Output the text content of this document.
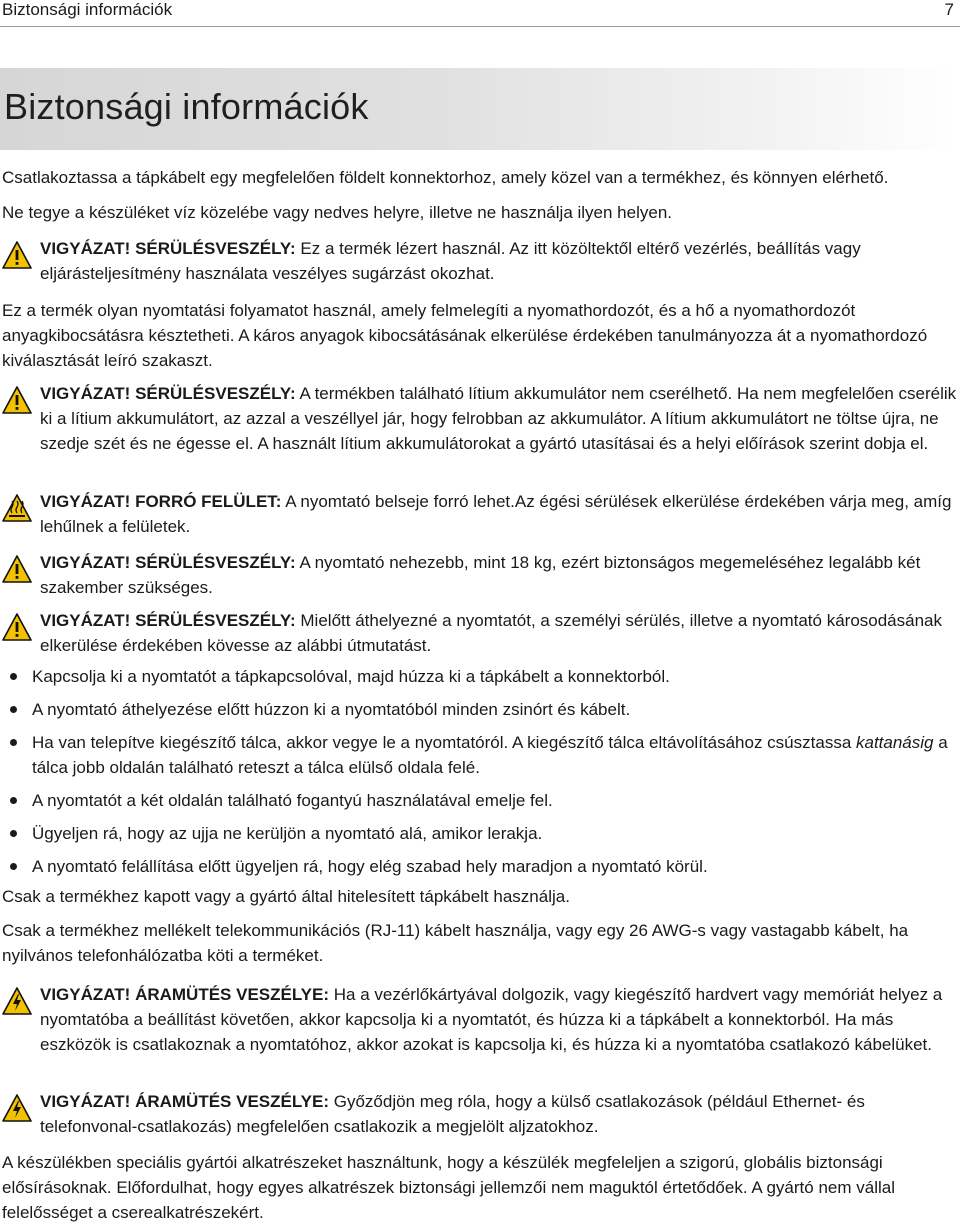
Biztonsági információk	7
Biztonsági információk

Csatlakoztassa a tápkábelt egy megfelelően földelt konnektorhoz, amely közel van a termékhez, és könnyen elérhető.

Ne tegye a készüléket víz közelébe vagy nedves helyre, illetve ne használja ilyen helyen.

VIGYÁZAT! SÉRÜLÉSVESZÉLY: Ez a termék lézert használ. Az itt közöltektől eltérő vezérlés, beállítás vagy eljárásteljesítmény használata veszélyes sugárzást okozhat.

Ez a termék olyan nyomtatási folyamatot használ, amely felmelegíti a nyomathordozót, és a hő a nyomathordozót anyagkibocsátásra késztetheti. A káros anyagok kibocsátásának elkerülése érdekében tanulmányozza át a nyomathordozó kiválasztását leíró szakaszt.

VIGYÁZAT! SÉRÜLÉSVESZÉLY: A termékben található lítium akkumulátor nem cserélhető. Ha nem megfelelően cserélik ki a lítium akkumulátort, az azzal a veszéllyel jár, hogy felrobban az akkumulátor. A lítium akkumulátort ne töltse újra, ne szedje szét és ne égesse el. A használt lítium akkumulátorokat a gyártó utasításai és a helyi előírások szerint dobja el.
VIGYÁZAT! FORRÓ FELÜLET: A nyomtató belseje forró lehet.Az égési sérülések elkerülése érdekében várja meg, amíg lehűlnek a felületek.
VIGYÁZAT! SÉRÜLÉSVESZÉLY: A nyomtató nehezebb, mint 18 kg, ezért biztonságos megemeléséhez legalább két szakember szükséges.
VIGYÁZAT! SÉRÜLÉSVESZÉLY: Mielőtt áthelyezné a nyomtatót, a személyi sérülés, illetve a nyomtató károsodásának elkerülése érdekében kövesse az alábbi útmutatást.
Kapcsolja ki a nyomtatót a tápkapcsolóval, majd húzza ki a tápkábelt a konnektorból.
A nyomtató áthelyezése előtt húzzon ki a nyomtatóból minden zsinórt és kábelt.
Ha van telepítve kiegészítő tálca, akkor vegye le a nyomtatóról. A kiegészítő tálca eltávolításához csúsztassa kattanásig a tálca jobb oldalán található reteszt a tálca elülső oldala felé.
A nyomtatót a két oldalán található fogantyú használatával emelje fel.
Ügyeljen rá, hogy az ujja ne kerüljön a nyomtató alá, amikor lerakja.
A nyomtató felállítása előtt ügyeljen rá, hogy elég szabad hely maradjon a nyomtató körül.

Csak a termékhez kapott vagy a gyártó által hitelesített tápkábelt használja.

Csak a termékhez mellékelt telekommunikációs (RJ-11) kábelt használja, vagy egy 26 AWG-s vagy vastagabb kábelt, ha nyilvános telefonhálózatba köti a terméket.

VIGYÁZAT! ÁRAMÜTÉS VESZÉLYE: Ha a vezérlőkártyával dolgozik, vagy kiegészítő hardvert vagy memóriát helyez a nyomtatóba a beállítást követően, akkor kapcsolja ki a nyomtatót, és húzza ki a tápkábelt a konnektorból. Ha más eszközök is csatlakoznak a nyomtatóhoz, akkor azokat is kapcsolja ki, és húzza ki a nyomtatóba csatlakozó kábelüket.
VIGYÁZAT! ÁRAMÜTÉS VESZÉLYE: Győződjön meg róla, hogy a külső csatlakozások (például Ethernet- és telefonvonal-csatlakozás) megfelelően csatlakozik a megjelölt aljzatokhoz.

A készülékben speciális gyártói alkatrészeket használtunk, hogy a készülék megfeleljen a szigorú, globális biztonsági elősírásoknak. Előfordulhat, hogy egyes alkatrészek biztonsági jellemzői nem maguktól értetődőek. A gyártó nem vállal felelősséget a cserealkatrészekért.
